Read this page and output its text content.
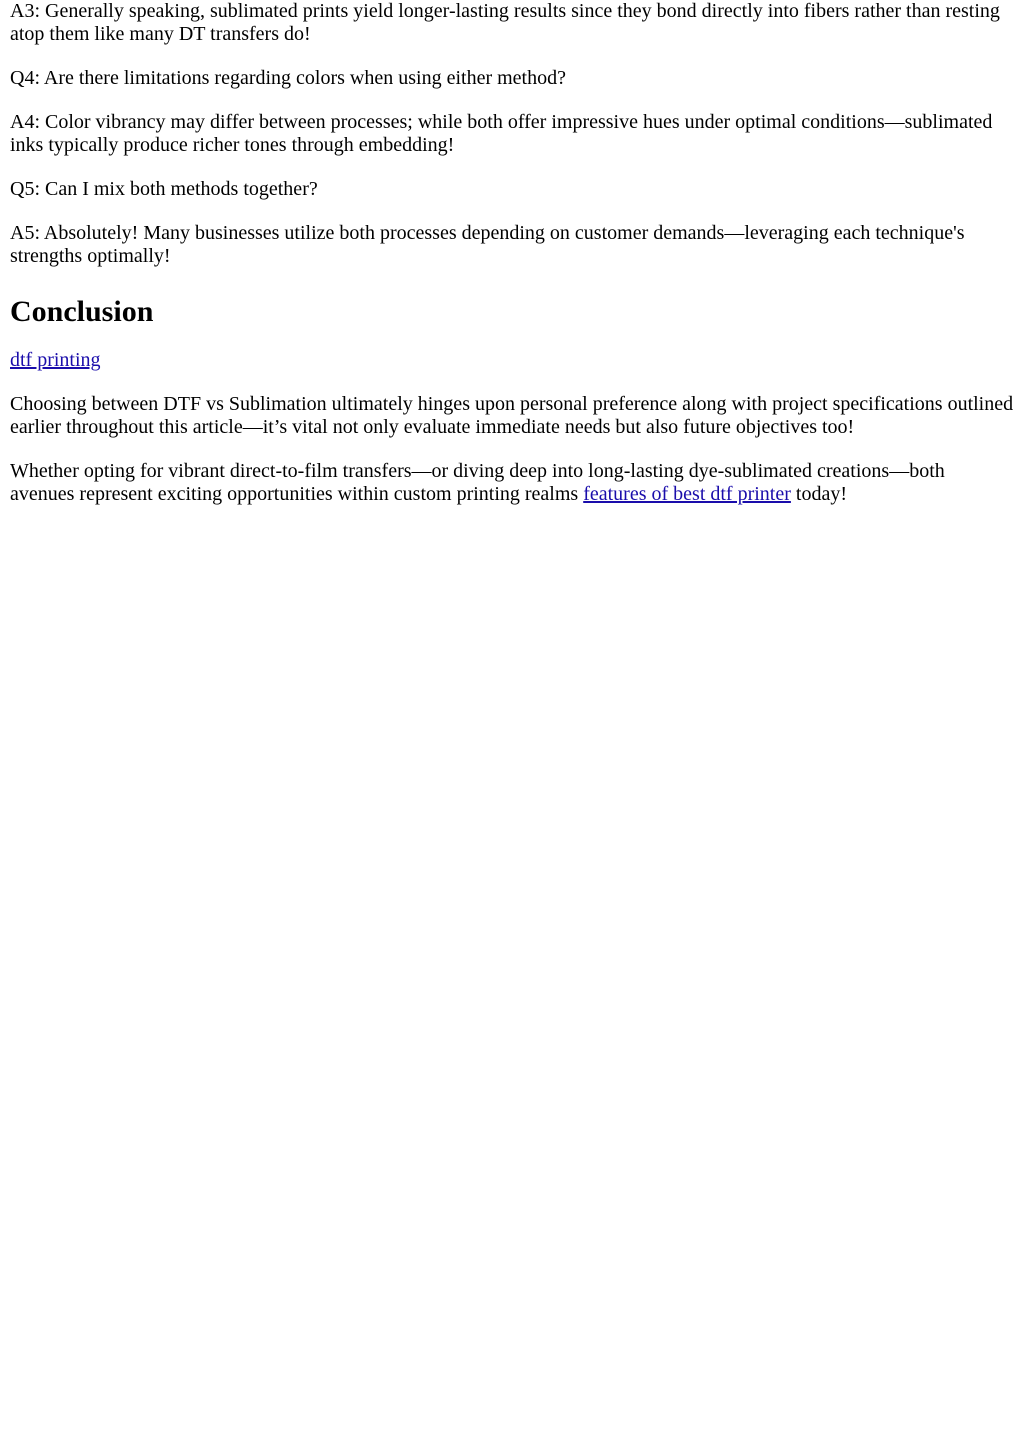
A3: Generally speaking, sublimated prints yield longer-lasting results since they bond directly into fibers rather than resting atop them like many DT transfers do!

Q4: Are there limitations regarding colors when using either method?

A4: Color vibrancy may differ between processes; while both offer impressive hues under optimal conditions—sublimated inks typically produce richer tones through embedding!

Q5: Can I mix both methods together?

A5: Absolutely! Many businesses utilize both processes depending on customer demands—leveraging each technique's strengths optimally!

Conclusion

dtf printing

Choosing between DTF vs Sublimation ultimately hinges upon personal preference along with project specifications outlined earlier throughout this article—it’s vital not only evaluate immediate needs but also future objectives too!

Whether opting for vibrant direct-to-film transfers—or diving deep into long-lasting dye-sublimated creations—both avenues represent exciting opportunities within custom printing realms features of best dtf printer today!
